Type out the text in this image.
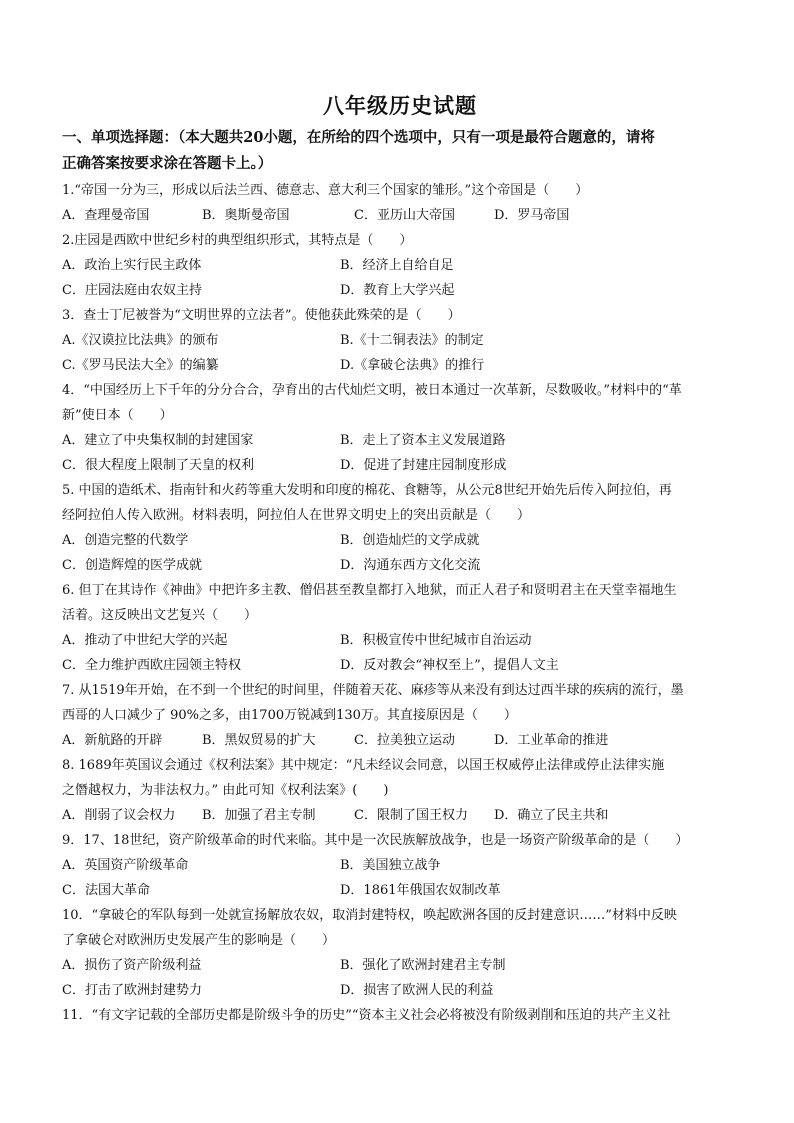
八年级历史试题
一、单项选择题：（本大题共20小题，在所给的四个选项中，只有一项是最符合题意的，请将
正确答案按要求涂在答题卡上。）
1.“帝国一分为三，形成以后法兰西、德意志、意大利三个国家的雏形。”这个帝国是（　　）
A．查理曼帝国	B．奥斯曼帝国	C．亚历山大帝国	D．罗马帝国
2.庄园是西欧中世纪乡村的典型组织形式，其特点是（　　）
A．政治上实行民主政体	B．经济上自给自足
C．庄园法庭由农奴主持	D．教育上大学兴起
3．查士丁尼被誉为“文明世界的立法者”。使他获此殊荣的是（　　）
A.《汉谟拉比法典》的颁布	B.《十二铜表法》的制定
C.《罗马民法大全》的编纂	D.《拿破仑法典》的推行
4．“中国经历上下千年的分分合合，孕育出的古代灿烂文明，被日本通过一次革新，尽数吸收。”材料中的“革
新”使日本（　　）
A．建立了中央集权制的封建国家	B．走上了资本主义发展道路
C．很大程度上限制了天皇的权利	D．促进了封建庄园制度形成
5. 中国的造纸术、指南针和火药等重大发明和印度的棉花、食糖等，从公元8世纪开始先后传入阿拉伯，再
经阿拉伯人传入欧洲。材料表明，阿拉伯人在世界文明史上的突出贡献是（　　）
A．创造完整的代数学	B．创造灿烂的文学成就
C．创造辉煌的医学成就	D．沟通东西方文化交流
6. 但丁在其诗作《神曲》中把许多主教、僧侣甚至教皇都打入地狱，而正人君子和贤明君主在天堂幸福地生
活着。这反映出文艺复兴（　　）
A．推动了中世纪大学的兴起	B．积极宣传中世纪城市自治运动
C．全力维护西欧庄园领主特权	D．反对教会“神权至上”，提倡人文主
7. 从1519年开始，在不到一个世纪的时间里，伴随着天花、麻疹等从来没有到达过西半球的疾病的流行，墨
西哥的人口减少了 90%之多，由1700万锐减到130万。其直接原因是（　　）
A．新航路的开辟	B．黑奴贸易的扩大	C．拉美独立运动	D．工业革命的推进
8. 1689年英国议会通过《权利法案》其中规定：“凡未经议会同意，以国王权威停止法律或停止法律实施
之僭越权力，为非法权力。” 由此可知《权利法案》(　　)
A．削弱了议会权力	B．加强了君主专制	C．限制了国王权力	D．确立了民主共和
9．17、18世纪，资产阶级革命的时代来临。其中是一次民族解放战争，也是一场资产阶级革命的是（　　）
A．英国资产阶级革命	B．美国独立战争
C．法国大革命	D．1861年俄国农奴制改革
10．“拿破仑的军队每到一处就宣扬解放农奴，取消封建特权，唤起欧洲各国的反封建意识……”材料中反映
了拿破仑对欧洲历史发展产生的影响是（　　）
A．损伤了资产阶级利益	B．强化了欧洲封建君主专制
C．打击了欧洲封建势力	D．损害了欧洲人民的利益
11．“有文字记载的全部历史都是阶级斗争的历史”“资本主义社会必将被没有阶级剥削和压迫的共产主义社
